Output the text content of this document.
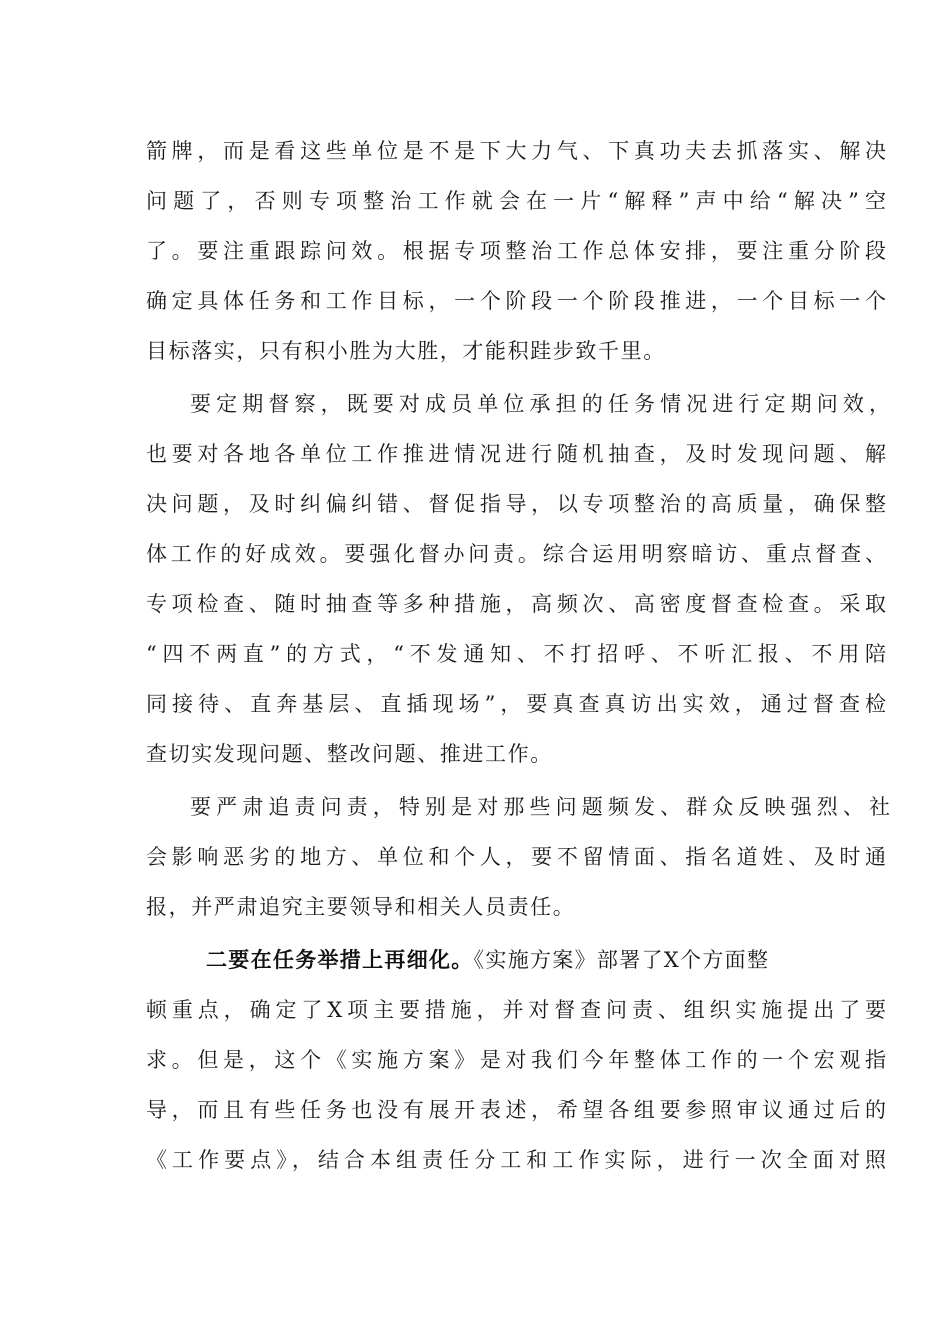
箭牌，而是看这些单位是不是下大力气、下真功夫去抓落实、解决
问题了，否则专项整治工作就会在一片“解释”声中给“解决”空
了。要注重跟踪问效。根据专项整治工作总体安排，要注重分阶段
确定具体任务和工作目标，一个阶段一个阶段推进，一个目标一个
目标落实，只有积小胜为大胜，才能积跬步致千里。
要定期督察，既要对成员单位承担的任务情况进行定期问效，
也要对各地各单位工作推进情况进行随机抽查，及时发现问题、解
决问题，及时纠偏纠错、督促指导，以专项整治的高质量，确保整
体工作的好成效。要强化督办问责。综合运用明察暗访、重点督查、
专项检查、随时抽查等多种措施，高频次、高密度督查检查。采取
“四不两直”的方式，“不发通知、不打招呼、不听汇报、不用陪
同接待、直奔基层、直插现场”，要真查真访出实效，通过督查检
查切实发现问题、整改问题、推进工作。
要严肃追责问责，特别是对那些问题频发、群众反映强烈、社
会影响恶劣的地方、单位和个人，要不留情面、指名道姓、及时通
报，并严肃追究主要领导和相关人员责任。
二要在任务举措上再细化。《实施方案》部署了X个方面整
顿重点，确定了X项主要措施，并对督查问责、组织实施提出了要
求。但是，这个《实施方案》是对我们今年整体工作的一个宏观指
导，而且有些任务也没有展开表述，希望各组要参照审议通过后的
《工作要点》，结合本组责任分工和工作实际，进行一次全面对照
